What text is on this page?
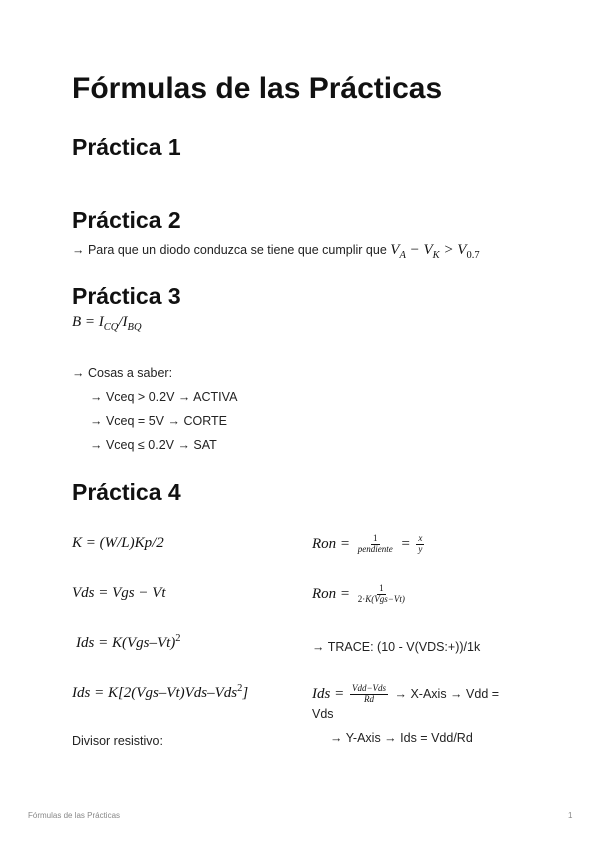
Fórmulas de las Prácticas
Práctica 1
Práctica 2
→ Para que un diodo conduzca se tiene que cumplir que $V_A - V_K > V_{0.7}$
Práctica 3
$B = I_{CQ}/I_{BQ}$
→ Cosas a saber:
→ Vceq > 0.2V → ACTIVA
→ Vceq = 5V → CORTE
→ Vceq ≤ 0.2V → SAT
Práctica 4
K = (W/L)Kp/2
Vds = Vgs − Vt
Ids = $K(Vgs-Vt)^2$
Ids = K[2(Vgs–Vt)Vds–Vds$^2$]
Divisor resistivo:
Ron = $\frac{1}{\text{pendiente}} = \frac{x}{y}$
Ron = $\frac{1}{\text{2·K(Vgs−Vt)}}$
→ TRACE: (10 - V(VDS:+))/1k
Ids = $\frac{\text{Vdd−Vds}}{Rd}$ → X-Axis → Vdd =
Vds
→ Y-Axis → Ids = Vdd/Rd
Fórmulas de las Prácticas	1
